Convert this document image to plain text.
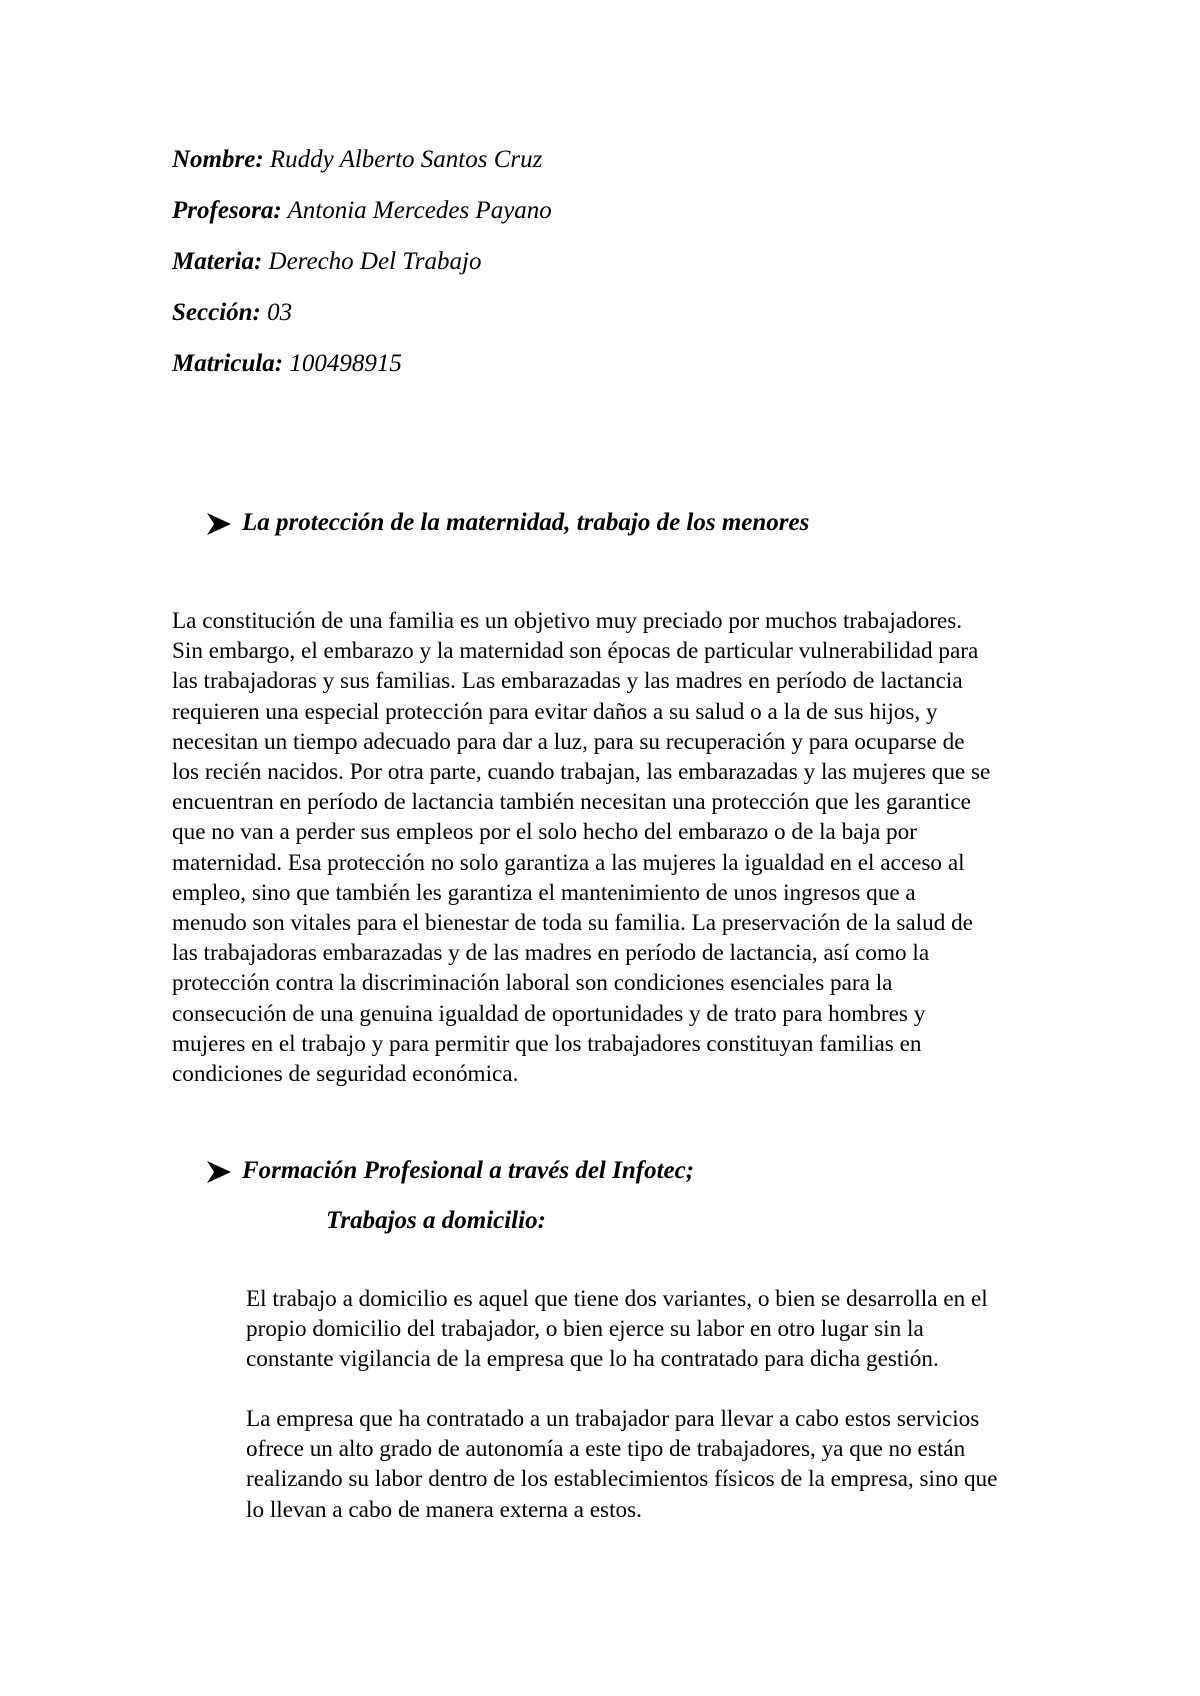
Nombre: Ruddy Alberto Santos Cruz
Profesora: Antonia Mercedes Payano
Materia: Derecho Del Trabajo
Sección: 03
Matricula: 100498915
La protección de la maternidad, trabajo de los menores
La constitución de una familia es un objetivo muy preciado por muchos trabajadores.
Sin embargo, el embarazo y la maternidad son épocas de particular vulnerabilidad para
las trabajadoras y sus familias. Las embarazadas y las madres en período de lactancia
requieren una especial protección para evitar daños a su salud o a la de sus hijos, y
necesitan un tiempo adecuado para dar a luz, para su recuperación y para ocuparse de
los recién nacidos. Por otra parte, cuando trabajan, las embarazadas y las mujeres que se
encuentran en período de lactancia también necesitan una protección que les garantice
que no van a perder sus empleos por el solo hecho del embarazo o de la baja por
maternidad. Esa protección no solo garantiza a las mujeres la igualdad en el acceso al
empleo, sino que también les garantiza el mantenimiento de unos ingresos que a
menudo son vitales para el bienestar de toda su familia. La preservación de la salud de
las trabajadoras embarazadas y de las madres en período de lactancia, así como la
protección contra la discriminación laboral son condiciones esenciales para la
consecución de una genuina igualdad de oportunidades y de trato para hombres y
mujeres en el trabajo y para permitir que los trabajadores constituyan familias en
condiciones de seguridad económica.
Formación Profesional a través del Infotec;
Trabajos a domicilio:
El trabajo a domicilio es aquel que tiene dos variantes, o bien se desarrolla en el
propio domicilio del trabajador, o bien ejerce su labor en otro lugar sin la
constante vigilancia de la empresa que lo ha contratado para dicha gestión.
La empresa que ha contratado a un trabajador para llevar a cabo estos servicios
ofrece un alto grado de autonomía a este tipo de trabajadores, ya que no están
realizando su labor dentro de los establecimientos físicos de la empresa, sino que
lo llevan a cabo de manera externa a estos.
